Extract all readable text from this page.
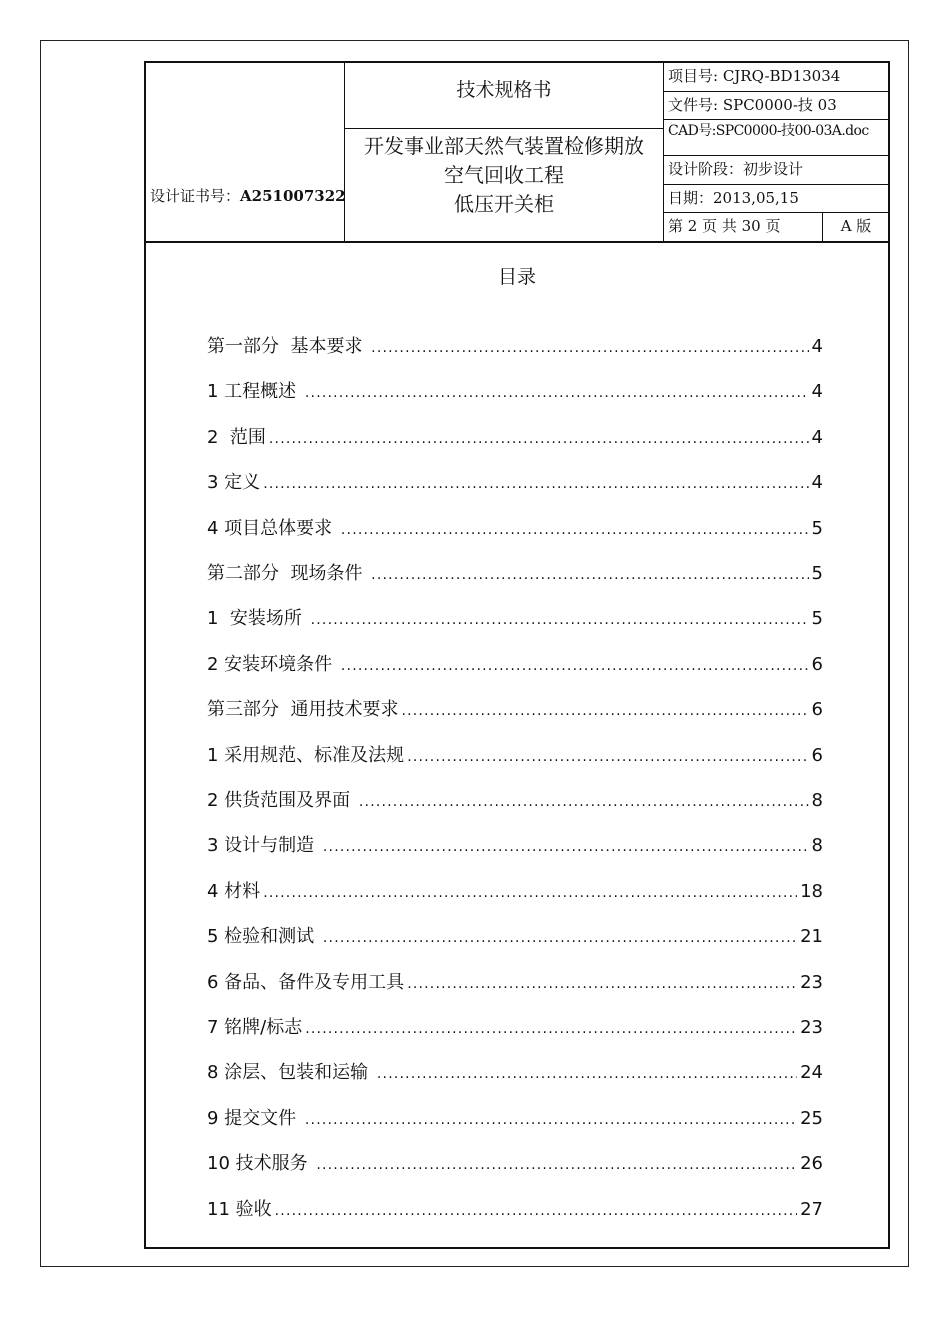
设计证书号：A251007322
技术规格书
开发事业部天然气装置检修期放
空气回收工程
低压开关柜
项目号: CJRQ-BD13034
文件号: SPC0000-技 03
CAD号:SPC0000-技00-03A.doc
设计阶段：初步设计
日期：2013,05,15
第 2 页 共 30 页	A 版
目录
第一部分  基本要求 .....	4
1 工程概述 .....	4
2  范围 .....	4
3 定义 .....	4
4 项目总体要求 .....	5
第二部分  现场条件 .....	5
1  安装场所 .....	5
2 安装环境条件 .....	6
第三部分  通用技术要求 .....	6
1 采用规范、标准及法规 .....	6
2 供货范围及界面 .....	8
3 设计与制造 .....	8
4 材料 .....	18
5 检验和测试 .....	21
6 备品、备件及专用工具 .....	23
7 铭牌/标志 .....	23
8 涂层、包装和运输 .....	24
9 提交文件 .....	25
10 技术服务 .....	26
11 验收 .....	27
